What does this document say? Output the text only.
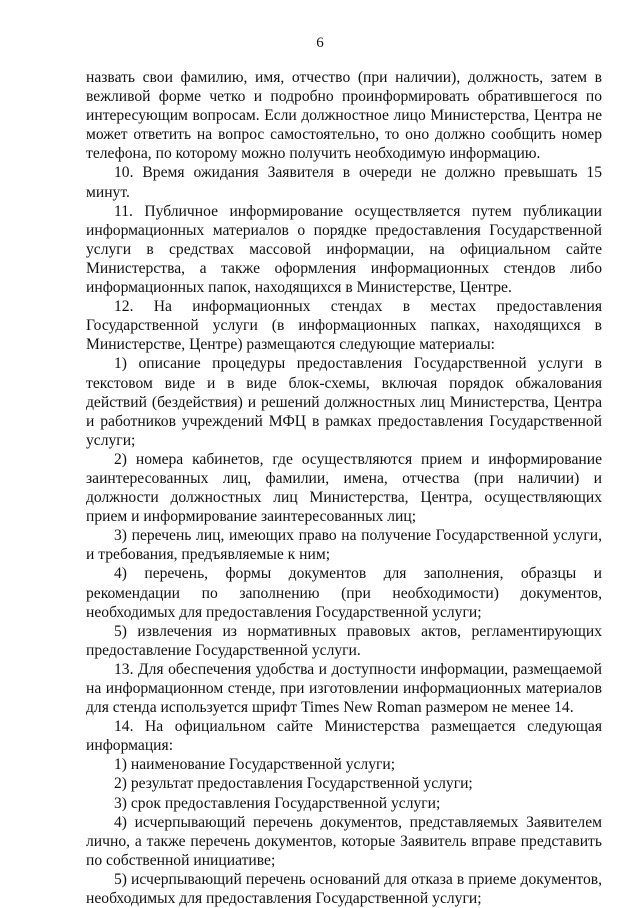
6

назвать свои фамилию, имя, отчество (при наличии), должность, затем в вежливой форме четко и подробно проинформировать обратившегося по интересующим вопросам. Если должностное лицо Министерства, Центра не может ответить на вопрос самостоятельно, то оно должно сообщить номер телефона, по которому можно получить необходимую информацию.

10. Время ожидания Заявителя в очереди не должно превышать 15 минут.

11. Публичное информирование осуществляется путем публикации информационных материалов о порядке предоставления Государственной услуги в средствах массовой информации, на официальном сайте Министерства, а также оформления информационных стендов либо информационных папок, находящихся в Министерстве, Центре.

12. На информационных стендах в местах предоставления Государственной услуги (в информационных папках, находящихся в Министерстве, Центре) размещаются следующие материалы:

1) описание процедуры предоставления Государственной услуги в текстовом виде и в виде блок-схемы, включая порядок обжалования действий (бездействия) и решений должностных лиц Министерства, Центра и работников учреждений МФЦ в рамках предоставления Государственной услуги;

2) номера кабинетов, где осуществляются прием и информирование заинтересованных лиц, фамилии, имена, отчества (при наличии) и должности должностных лиц Министерства, Центра, осуществляющих прием и информирование заинтересованных лиц;

3) перечень лиц, имеющих право на получение Государственной услуги, и требования, предъявляемые к ним;

4) перечень, формы документов для заполнения, образцы и рекомендации по заполнению (при необходимости) документов, необходимых для предоставления Государственной услуги;

5) извлечения из нормативных правовых актов, регламентирующих предоставление Государственной услуги.

13. Для обеспечения удобства и доступности информации, размещаемой на информационном стенде, при изготовлении информационных материалов для стенда используется шрифт Times New Roman размером не менее 14.

14. На официальном сайте Министерства размещается следующая информация:

1) наименование Государственной услуги;

2) результат предоставления Государственной услуги;

3) срок предоставления Государственной услуги;

4) исчерпывающий перечень документов, представляемых Заявителем лично, а также перечень документов, которые Заявитель вправе представить по собственной инициативе;

5) исчерпывающий перечень оснований для отказа в приеме документов, необходимых для предоставления Государственной услуги;
